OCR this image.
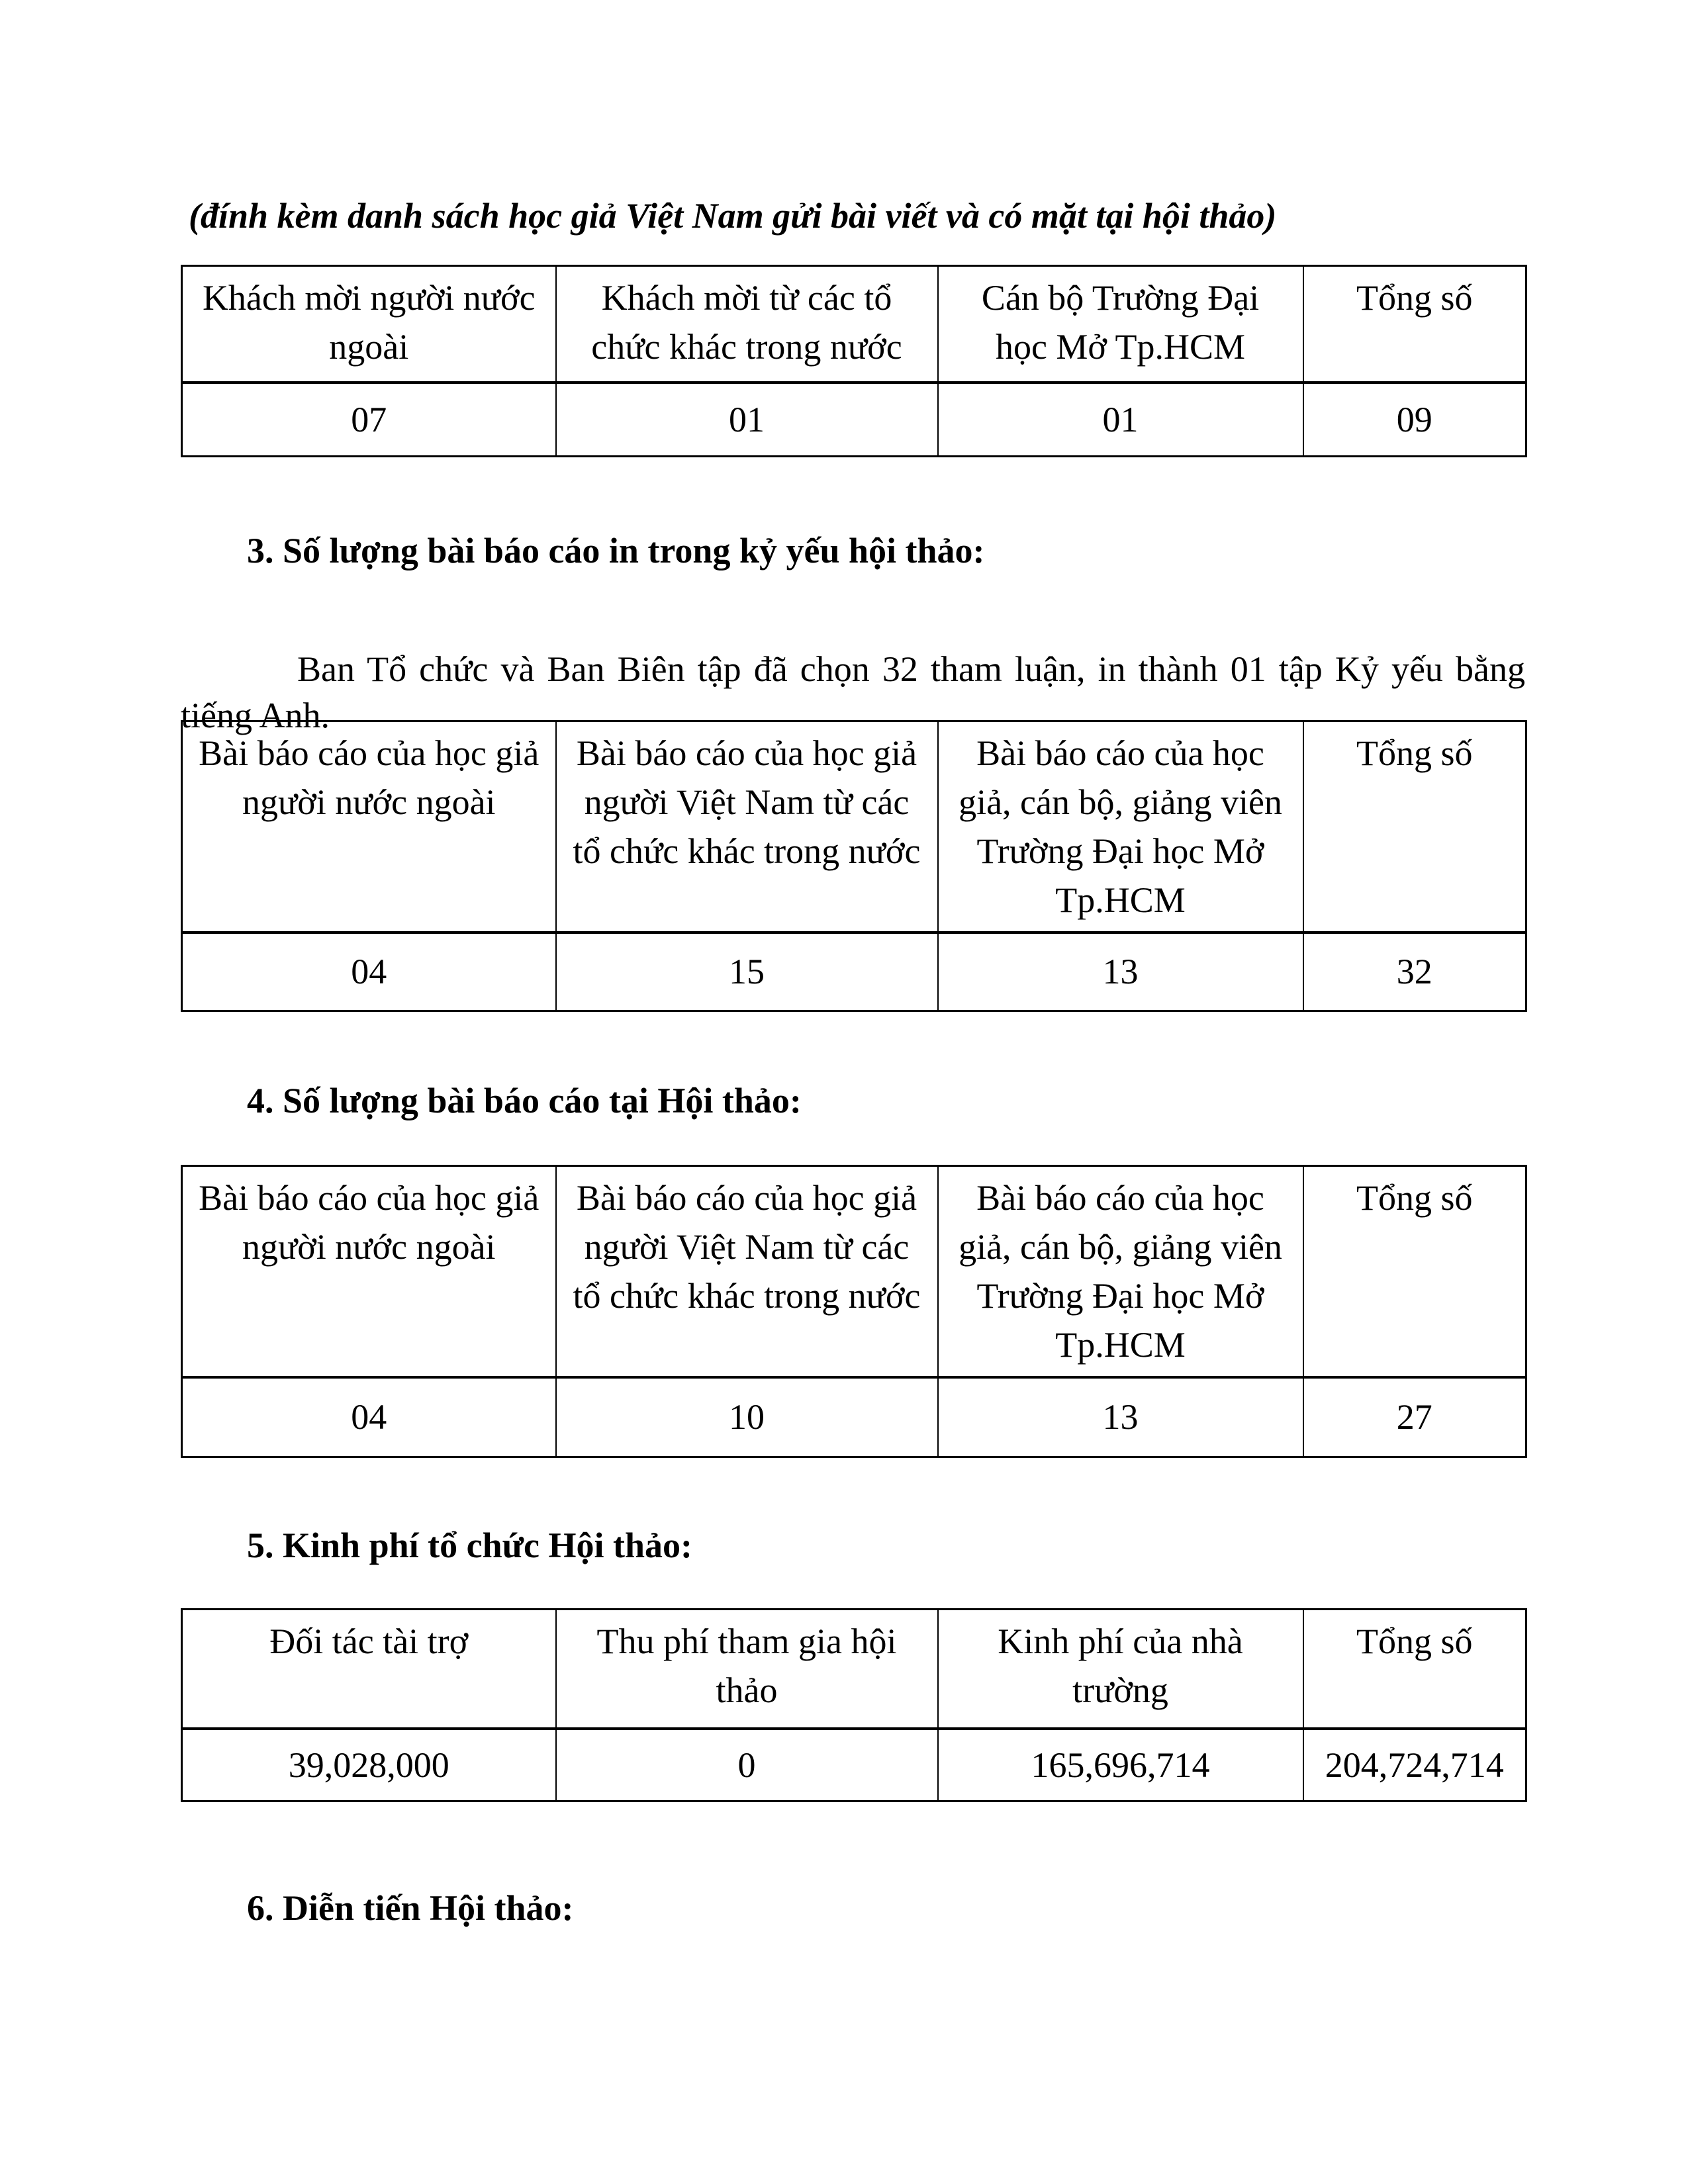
(đính kèm danh sách học giả Việt Nam gửi bài viết và có mặt tại hội thảo)
Khách mời người nước ngoài	Khách mời từ các tổ chức khác trong nước	Cán bộ Trường Đại học Mở Tp.HCM	Tổng số
07	01	01	09
3. Số lượng bài báo cáo in trong kỷ yếu hội thảo:

Ban Tổ chức và Ban Biên tập đã chọn 32 tham luận, in thành 01 tập Kỷ yếu bằng tiếng Anh.

Bài báo cáo của học giả người nước ngoài	Bài báo cáo của học giả người Việt Nam từ các tổ chức khác trong nước	Bài báo cáo của học giả, cán bộ, giảng viên Trường Đại học Mở Tp.HCM	Tổng số
04	15	13	32
4. Số lượng bài báo cáo tại Hội thảo:
Bài báo cáo của học giả người nước ngoài	Bài báo cáo của học giả người Việt Nam từ các tổ chức khác trong nước	Bài báo cáo của học giả, cán bộ, giảng viên Trường Đại học Mở Tp.HCM	Tổng số
04	10	13	27
5. Kinh phí tổ chức Hội thảo:
Đối tác tài trợ	Thu phí tham gia hội thảo	Kinh phí của nhà trường	Tổng số
39,028,000	0	165,696,714	204,724,714
6. Diễn tiến Hội thảo:
